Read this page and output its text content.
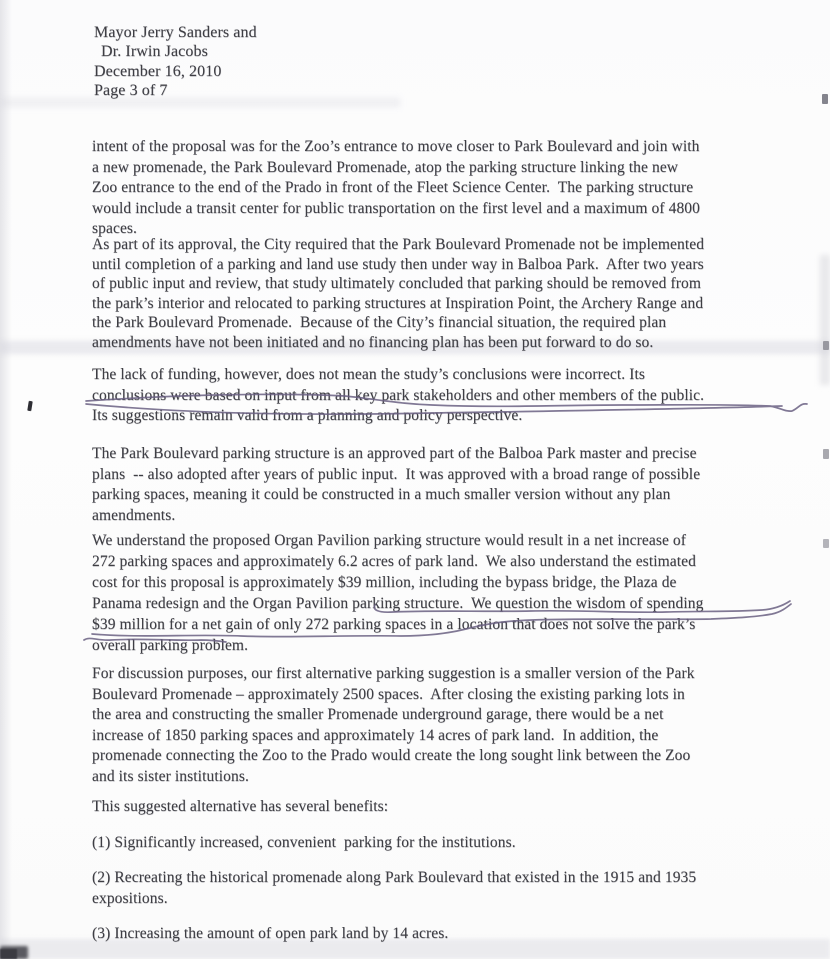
Mayor Jerry Sanders and
Dr. Irwin Jacobs
December 16, 2010
Page 3 of 7
intent of the proposal was for the Zoo’s entrance to move closer to Park Boulevard and join with
a new promenade, the Park Boulevard Promenade, atop the parking structure linking the new
Zoo entrance to the end of the Prado in front of the Fleet Science Center.  The parking structure
would include a transit center for public transportation on the first level and a maximum of 4800
spaces.
As part of its approval, the City required that the Park Boulevard Promenade not be implemented
until completion of a parking and land use study then under way in Balboa Park.  After two years
of public input and review, that study ultimately concluded that parking should be removed from
the park’s interior and relocated to parking structures at Inspiration Point, the Archery Range and
the Park Boulevard Promenade.  Because of the City’s financial situation, the required plan
amendments have not been initiated and no financing plan has been put forward to do so.
The lack of funding, however, does not mean the study’s conclusions were incorrect. Its
conclusions were based on input from all key park stakeholders and other members of the public.
Its suggestions remain valid from a planning and policy perspective.
The Park Boulevard parking structure is an approved part of the Balboa Park master and precise
plans  -- also adopted after years of public input.  It was approved with a broad range of possible
parking spaces, meaning it could be constructed in a much smaller version without any plan
amendments.
We understand the proposed Organ Pavilion parking structure would result in a net increase of
272 parking spaces and approximately 6.2 acres of park land.  We also understand the estimated
cost for this proposal is approximately $39 million, including the bypass bridge, the Plaza de
Panama redesign and the Organ Pavilion parking structure.  We question the wisdom of spending
$39 million for a net gain of only 272 parking spaces in a location that does not solve the park’s
overall parking problem.
For discussion purposes, our first alternative parking suggestion is a smaller version of the Park
Boulevard Promenade – approximately 2500 spaces.  After closing the existing parking lots in
the area and constructing the smaller Promenade underground garage, there would be a net
increase of 1850 parking spaces and approximately 14 acres of park land.  In addition, the
promenade connecting the Zoo to the Prado would create the long sought link between the Zoo
and its sister institutions.
This suggested alternative has several benefits:
(1) Significantly increased, convenient  parking for the institutions.
(2) Recreating the historical promenade along Park Boulevard that existed in the 1915 and 1935
expositions.
(3) Increasing the amount of open park land by 14 acres.
